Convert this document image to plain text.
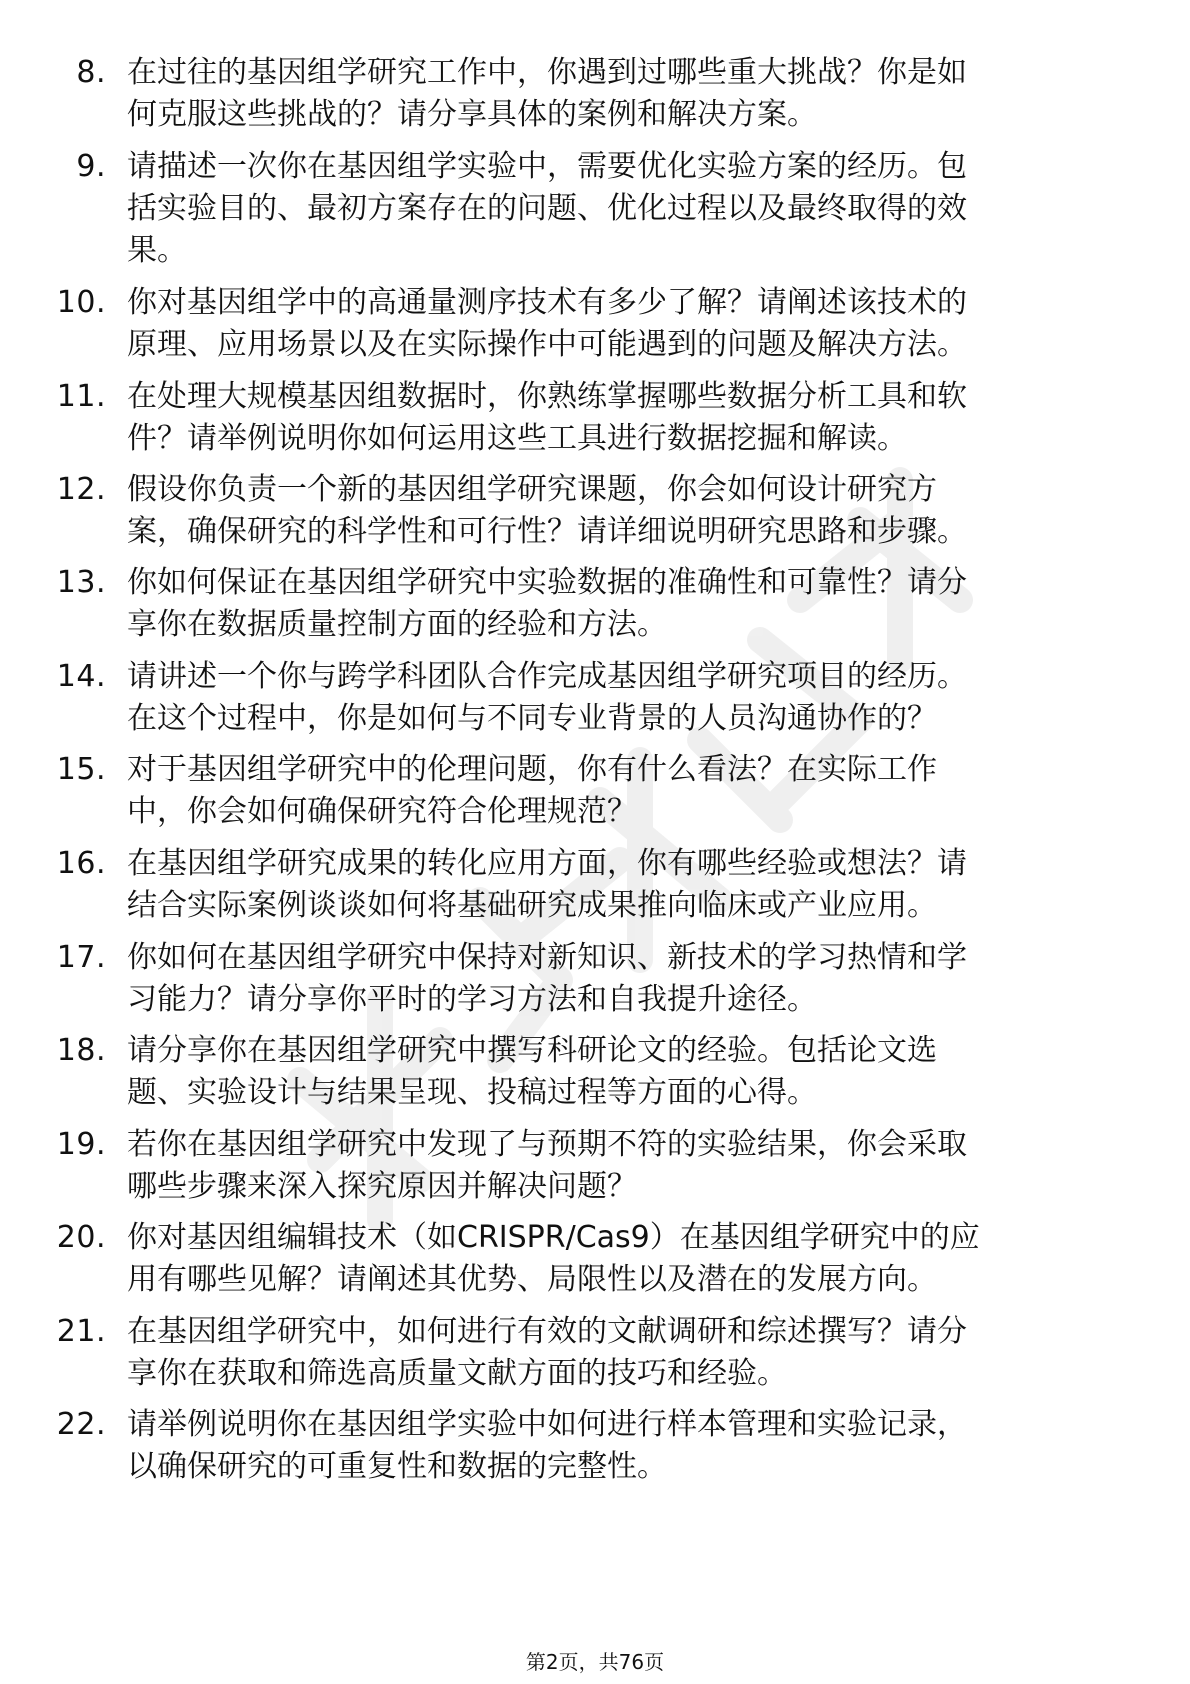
8. 在过往的基因组学研究工作中，你遇到过哪些重大挑战？你是如
何克服这些挑战的？请分享具体的案例和解决方案。
9. 请描述一次你在基因组学实验中，需要优化实验方案的经历。包
括实验目的、最初方案存在的问题、优化过程以及最终取得的效
果。
10. 你对基因组学中的高通量测序技术有多少了解？请阐述该技术的
原理、应用场景以及在实际操作中可能遇到的问题及解决方法。
11. 在处理大规模基因组数据时，你熟练掌握哪些数据分析工具和软
件？请举例说明你如何运用这些工具进行数据挖掘和解读。
12. 假设你负责一个新的基因组学研究课题，你会如何设计研究方
案，确保研究的科学性和可行性？请详细说明研究思路和步骤。
13. 你如何保证在基因组学研究中实验数据的准确性和可靠性？请分
享你在数据质量控制方面的经验和方法。
14. 请讲述一个你与跨学科团队合作完成基因组学研究项目的经历。
在这个过程中，你是如何与不同专业背景的人员沟通协作的？
15. 对于基因组学研究中的伦理问题，你有什么看法？在实际工作
中，你会如何确保研究符合伦理规范？
16. 在基因组学研究成果的转化应用方面，你有哪些经验或想法？请
结合实际案例谈谈如何将基础研究成果推向临床或产业应用。
17. 你如何在基因组学研究中保持对新知识、新技术的学习热情和学
习能力？请分享你平时的学习方法和自我提升途径。
18. 请分享你在基因组学研究中撰写科研论文的经验。包括论文选
题、实验设计与结果呈现、投稿过程等方面的心得。
19. 若你在基因组学研究中发现了与预期不符的实验结果，你会采取
哪些步骤来深入探究原因并解决问题？
20. 你对基因组编辑技术（如CRISPR/Cas9）在基因组学研究中的应
用有哪些见解？请阐述其优势、局限性以及潜在的发展方向。
21. 在基因组学研究中，如何进行有效的文献调研和综述撰写？请分
享你在获取和筛选高质量文献方面的技巧和经验。
22. 请举例说明你在基因组学实验中如何进行样本管理和实验记录，
以确保研究的可重复性和数据的完整性。
第2页，共76页
